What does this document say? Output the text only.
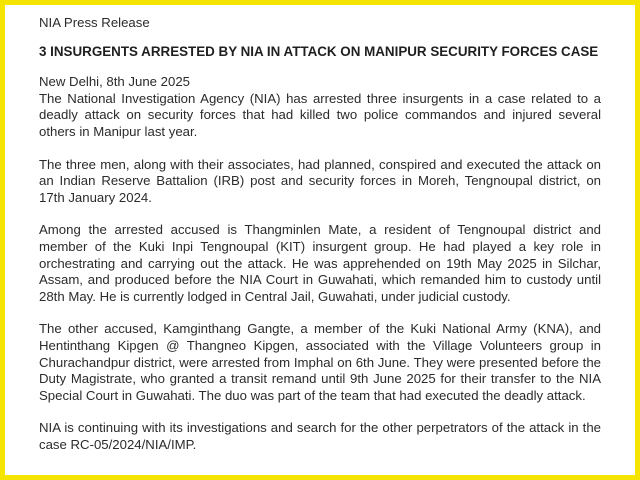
NIA Press Release
3 INSURGENTS ARRESTED BY NIA IN ATTACK ON MANIPUR SECURITY FORCES CASE
New Delhi, 8th June 2025

The National Investigation Agency (NIA) has arrested three insurgents in a case related to a deadly attack on security forces that had killed two police commandos and injured several others in Manipur last year.

The three men, along with their associates, had planned, conspired and executed the attack on an Indian Reserve Battalion (IRB) post and security forces in Moreh, Tengnoupal district, on 17th January 2024.

Among the arrested accused is Thangminlen Mate, a resident of Tengnoupal district and member of the Kuki Inpi Tengnoupal (KIT) insurgent group. He had played a key role in orchestrating and carrying out the attack. He was apprehended on 19th May 2025 in Silchar, Assam, and produced before the NIA Court in Guwahati, which remanded him to custody until 28th May. He is currently lodged in Central Jail, Guwahati, under judicial custody.

The other accused, Kamginthang Gangte, a member of the Kuki National Army (KNA), and Hentinthang Kipgen @ Thangneo Kipgen, associated with the Village Volunteers group in Churachandpur district, were arrested from Imphal on 6th June. They were presented before the Duty Magistrate, who granted a transit remand until 9th June 2025 for their transfer to the NIA Special Court in Guwahati. The duo was part of the team that had executed the deadly attack.

NIA is continuing with its investigations and search for the other perpetrators of the attack in the case RC-05/2024/NIA/IMP.
